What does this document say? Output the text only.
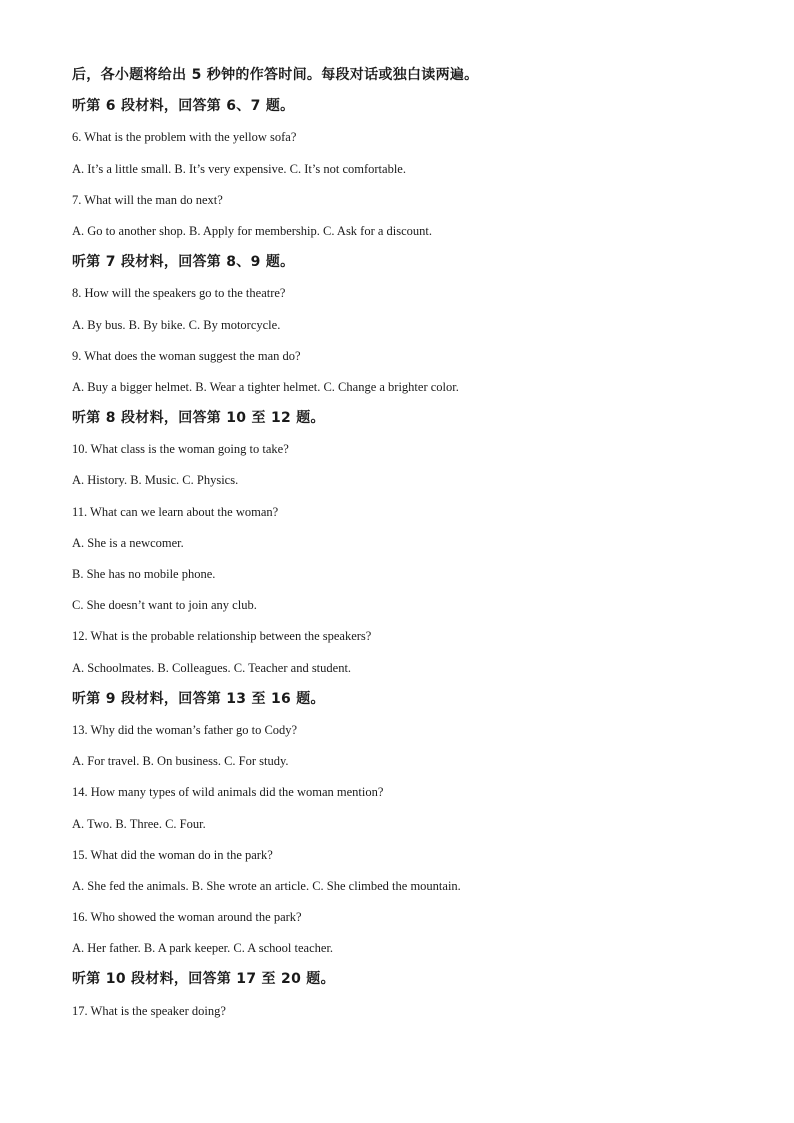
后，各小题将给出 5 秒钟的作答时间。每段对话或独白读两遍。
听第 6 段材料，回答第 6、7 题。
6. What is the problem with the yellow sofa?
A. It’s a little small. B. It’s very expensive. C. It’s not comfortable.
7. What will the man do next?
A. Go to another shop. B. Apply for membership. C. Ask for a discount.
听第 7 段材料，回答第 8、9 题。
8. How will the speakers go to the theatre?
A. By bus. B. By bike. C. By motorcycle.
9. What does the woman suggest the man do?
A. Buy a bigger helmet. B. Wear a tighter helmet. C. Change a brighter color.
听第 8 段材料，回答第 10 至 12 题。
10. What class is the woman going to take?
A. History. B. Music. C. Physics.
11. What can we learn about the woman?
A. She is a newcomer.
B. She has no mobile phone.
C. She doesn’t want to join any club.
12. What is the probable relationship between the speakers?
A. Schoolmates. B. Colleagues. C. Teacher and student.
听第 9 段材料，回答第 13 至 16 题。
13. Why did the woman’s father go to Cody?
A. For travel. B. On business. C. For study.
14. How many types of wild animals did the woman mention?
A. Two. B. Three. C. Four.
15. What did the woman do in the park?
A. She fed the animals. B. She wrote an article. C. She climbed the mountain.
16. Who showed the woman around the park?
A. Her father. B. A park keeper. C. A school teacher.
听第 10 段材料，回答第 17 至 20 题。
17. What is the speaker doing?
